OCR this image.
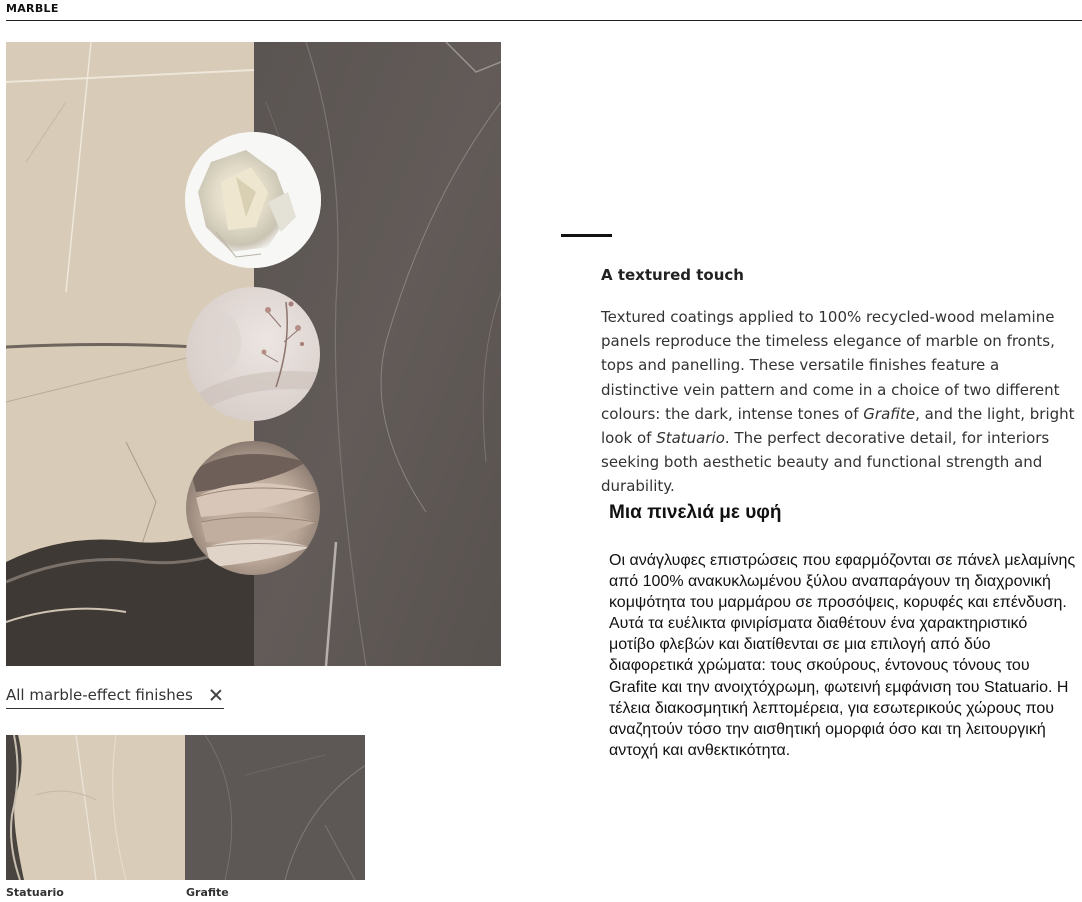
MARBLE
All marble-effect finishes
Statuario	Grafite
A textured touch

Textured coatings applied to 100% recycled-wood melamine panels reproduce the timeless elegance of marble on fronts, tops and panelling. These versatile finishes feature a distinctive vein pattern and come in a choice of two different colours: the dark, intense tones of Grafite, and the light, bright look of Statuario. The perfect decorative detail, for interiors seeking both aesthetic beauty and functional strength and durability.

Μια πινελιά με υφή

Οι ανάγλυφες επιστρώσεις που εφαρμόζονται σε πάνελ μελαμίνης από 100% ανακυκλωμένου ξύλου αναπαράγουν τη διαχρονική κομψότητα του μαρμάρου σε προσόψεις, κορυφές και επένδυση. Αυτά τα ευέλικτα φινιρίσματα διαθέτουν ένα χαρακτηριστικό μοτίβο φλεβών και διατίθενται σε μια επιλογή από δύο διαφορετικά χρώματα: τους σκούρους, έντονους τόνους του Grafite και την ανοιχτόχρωμη, φωτεινή εμφάνιση του Statuario. Η τέλεια διακοσμητική λεπτομέρεια, για εσωτερικούς χώρους που αναζητούν τόσο την αισθητική ομορφιά όσο και τη λειτουργική αντοχή και ανθεκτικότητα.
